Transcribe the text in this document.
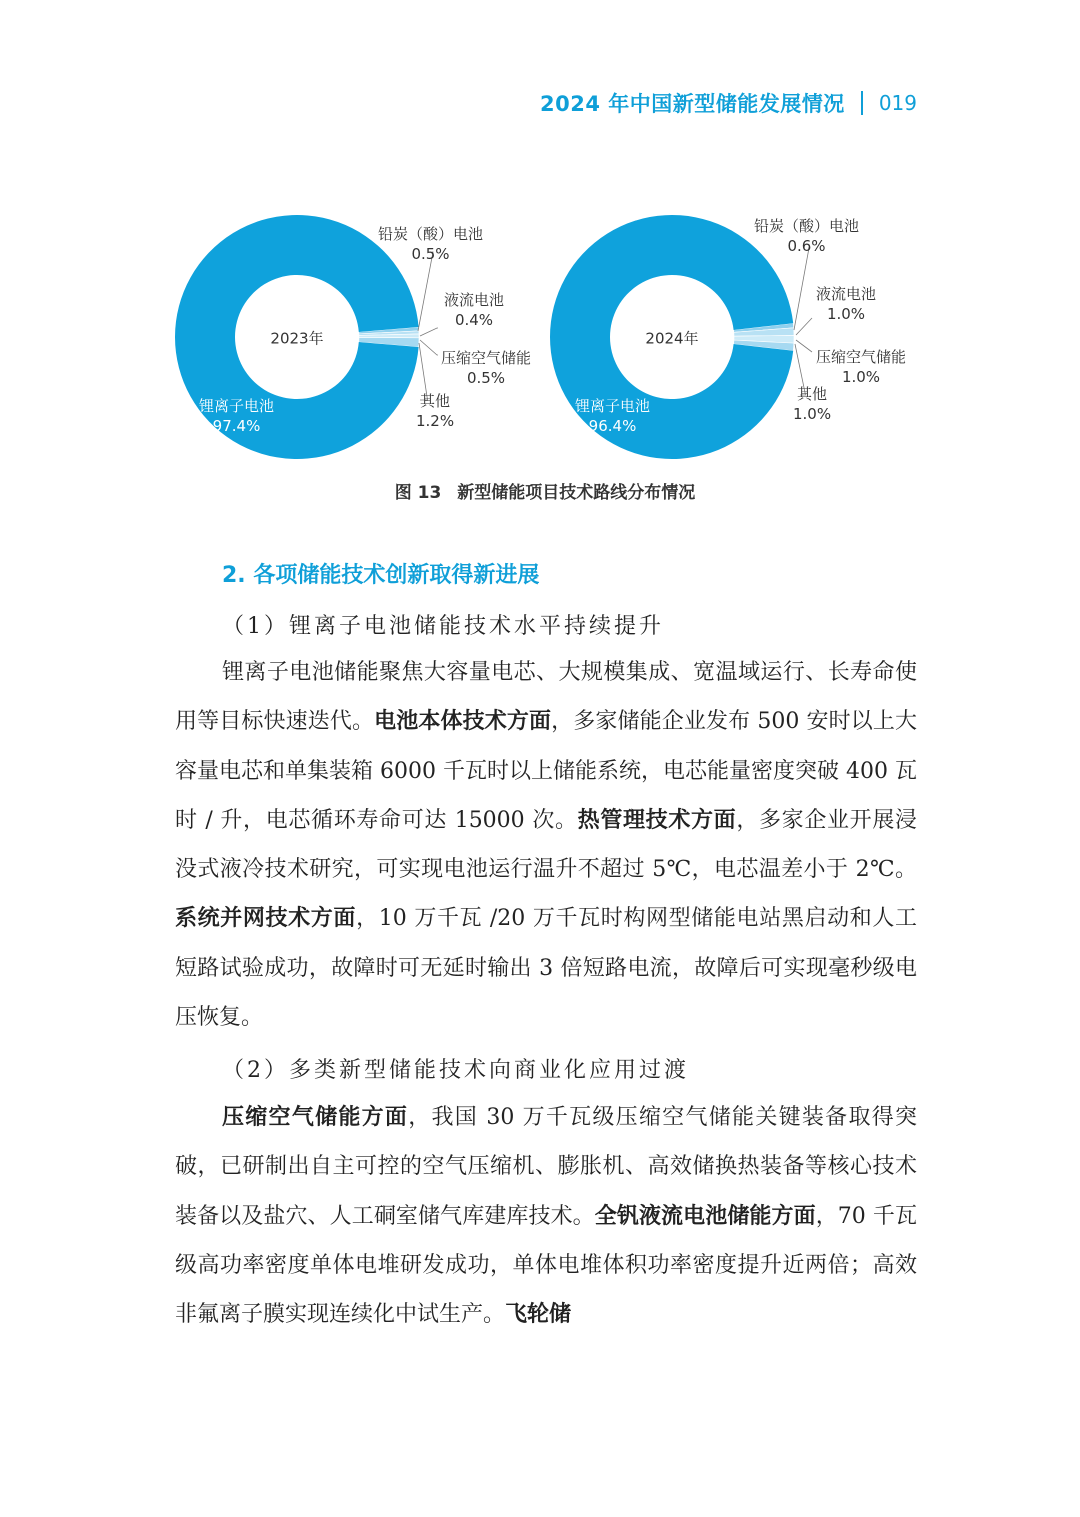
2024 年中国新型储能发展情况 019
2023年
铅炭（酸）电池
0.5%
液流电池
0.4%
压缩空气储能
0.5%
其他
1.2%
锂离子电池
97.4%
2024年
铅炭（酸）电池
0.6%
液流电池
1.0%
压缩空气储能
1.0%
其他
1.0%
锂离子电池
96.4%
图 13 新型储能项目技术路线分布情况
2. 各项储能技术创新取得新进展
（1）锂离子电池储能技术水平持续提升

锂离子电池储能聚焦大容量电芯、大规模集成、宽温域运行、长寿命使用等目标快速迭代。电池本体技术方面，多家储能企业发布 500 安时以上大容量电芯和单集装箱 6000 千瓦时以上储能系统，电芯能量密度突破 400 瓦时 / 升，电芯循环寿命可达 15000 次。热管理技术方面，多家企业开展浸没式液冷技术研究，可实现电池运行温升不超过 5℃，电芯温差小于 2℃。系统并网技术方面，10 万千瓦 /20 万千瓦时构网型储能电站黑启动和人工短路试验成功，故障时可无延时输出 3 倍短路电流，故障后可实现毫秒级电压恢复。

（2）多类新型储能技术向商业化应用过渡

压缩空气储能方面，我国 30 万千瓦级压缩空气储能关键装备取得突破，已研制出自主可控的空气压缩机、膨胀机、高效储换热装备等核心技术装备以及盐穴、人工硐室储气库建库技术。全钒液流电池储能方面，70 千瓦级高功率密度单体电堆研发成功，单体电堆体积功率密度提升近两倍；高效非氟离子膜实现连续化中试生产。飞轮储
